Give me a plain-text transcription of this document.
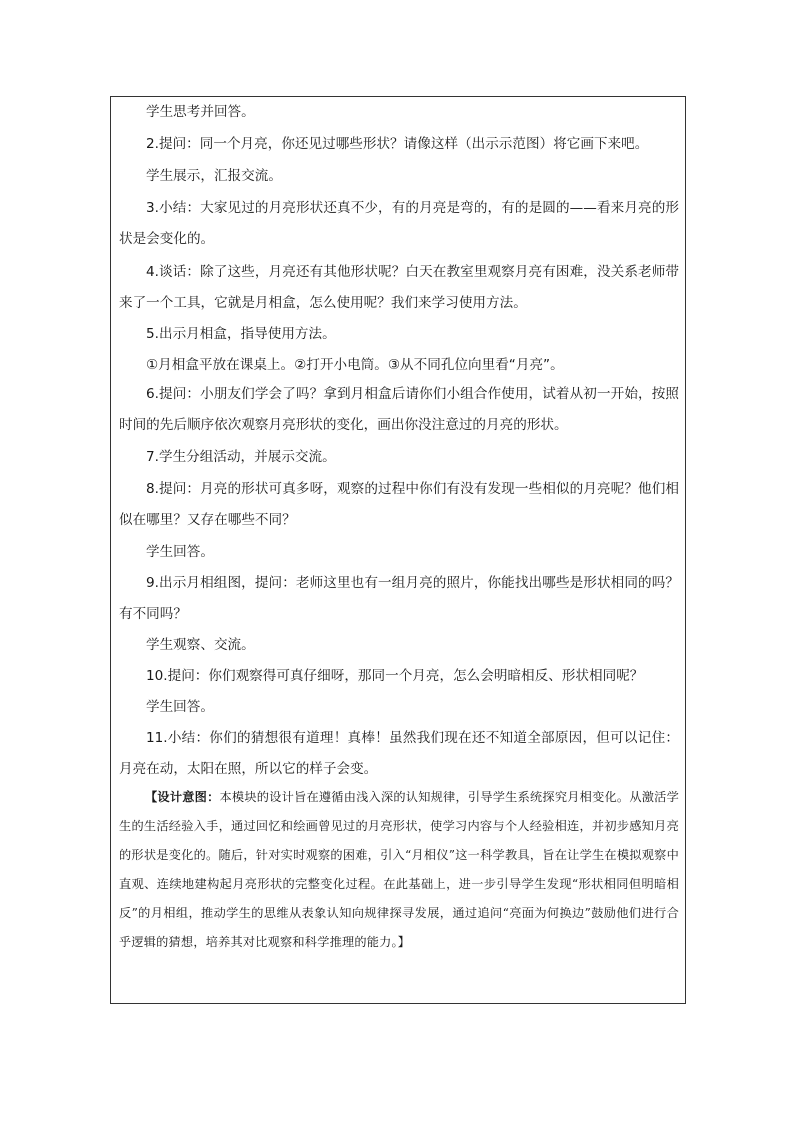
学生思考并回答。

2.提问：同一个月亮，你还见过哪些形状？请像这样（出示示范图）将它画下来吧。

学生展示，汇报交流。

3.小结：大家见过的月亮形状还真不少，有的月亮是弯的，有的是圆的——看来月亮的形状是会变化的。

4.谈话：除了这些，月亮还有其他形状呢？白天在教室里观察月亮有困难，没关系老师带来了一个工具，它就是月相盒，怎么使用呢？我们来学习使用方法。

5.出示月相盒，指导使用方法。

①月相盒平放在课桌上。②打开小电筒。③从不同孔位向里看“月亮”。

6.提问：小朋友们学会了吗？拿到月相盒后请你们小组合作使用，试着从初一开始，按照时间的先后顺序依次观察月亮形状的变化，画出你没注意过的月亮的形状。

7.学生分组活动，并展示交流。

8.提问：月亮的形状可真多呀，观察的过程中你们有没有发现一些相似的月亮呢？他们相似在哪里？又存在哪些不同？

学生回答。

9.出示月相组图，提问：老师这里也有一组月亮的照片，你能找出哪些是形状相同的吗？有不同吗？

学生观察、交流。

10.提问：你们观察得可真仔细呀，那同一个月亮，怎么会明暗相反、形状相同呢？

学生回答。

11.小结：你们的猜想很有道理！真棒！虽然我们现在还不知道全部原因，但可以记住：月亮在动，太阳在照，所以它的样子会变。

【设计意图：本模块的设计旨在遵循由浅入深的认知规律，引导学生系统探究月相变化。从激活学生的生活经验入手，通过回忆和绘画曾见过的月亮形状，使学习内容与个人经验相连，并初步感知月亮的形状是变化的。随后，针对实时观察的困难，引入“月相仪”这一科学教具，旨在让学生在模拟观察中直观、连续地建构起月亮形状的完整变化过程。在此基础上，进一步引导学生发现“形状相同但明暗相反”的月相组，推动学生的思维从表象认知向规律探寻发展，通过追问“亮面为何换边”鼓励他们进行合乎逻辑的猜想，培养其对比观察和科学推理的能力。】
